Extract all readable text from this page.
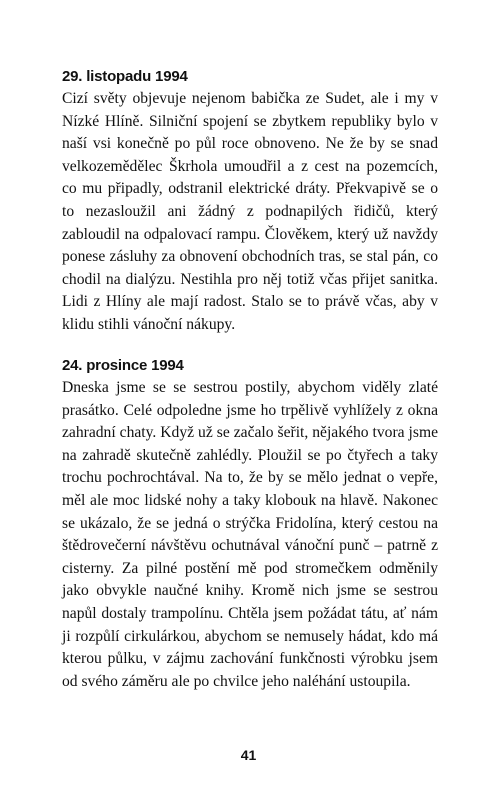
29. listopadu 1994

Cizí světy objevuje nejenom babička ze Sudet, ale i my v Nízké Hlíně. Silniční spojení se zbytkem republiky bylo v naší vsi konečně po půl roce obnoveno. Ne že by se snad velkozemědělec Škrhola umoudřil a z cest na pozemcích, co mu připadly, odstranil elektrické dráty. Překvapivě se o to nezasloužil ani žádný z podnapilých řidičů, který zabloudil na odpalovací rampu. Člověkem, který už navždy ponese zásluhy za obnovení obchodních tras, se stal pán, co chodil na dialýzu. Nestihla pro něj totiž včas přijet sanitka. Lidi z Hlíny ale mají radost. Stalo se to právě včas, aby v klidu stihli vánoční nákupy.

24. prosince 1994

Dneska jsme se se sestrou postily, abychom viděly zlaté prasátko. Celé odpoledne jsme ho trpělivě vyhlížely z okna zahradní chaty. Když už se začalo šeřit, nějakého tvora jsme na zahradě skutečně zahlédly. Ploužil se po čtyřech a taky trochu pochrochtával. Na to, že by se mělo jednat o vepře, měl ale moc lidské nohy a taky klobouk na hlavě. Nakonec se ukázalo, že se jedná o strýčka Fridolína, který cestou na štědrovečerní návštěvu ochutnával vánoční punč – patrně z cisterny. Za pilné postění mě pod stromečkem odměnily jako obvykle naučné knihy. Kromě nich jsme se sestrou napůl dostaly trampolínu. Chtěla jsem požádat tátu, ať nám ji rozpůlí cirkulárkou, abychom se nemusely hádat, kdo má kterou půlku, v zájmu zachování funkčnosti výrobku jsem od svého záměru ale po chvilce jeho naléhání ustoupila.

41
